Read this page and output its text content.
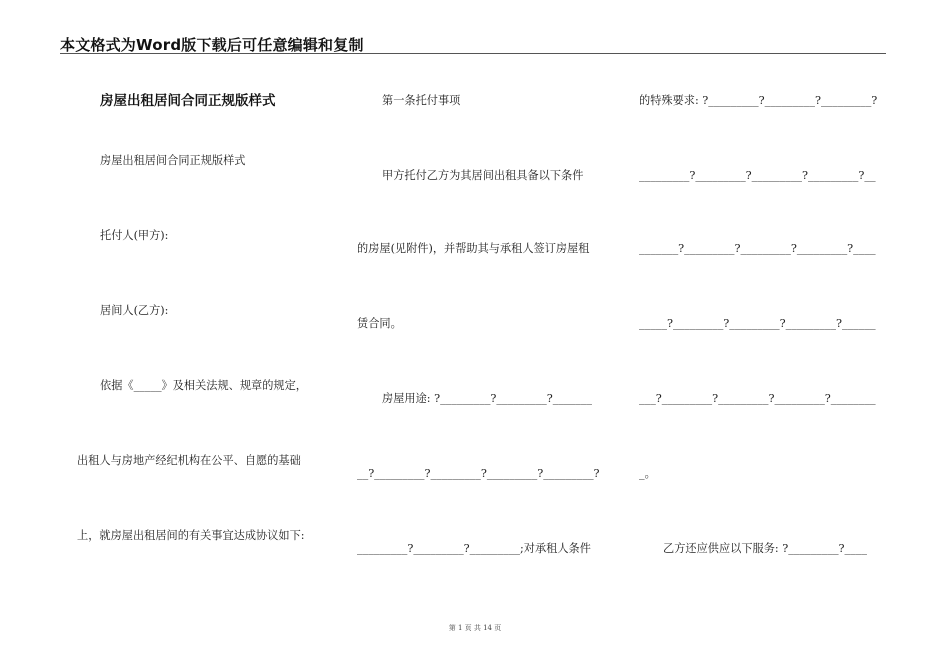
本文格式为Word版下载后可任意编辑和复制
房屋出租居间合同正规版样式
房屋出租居间合同正规版样式
托付人(甲方):
居间人(乙方):
依据《_____》及相关法规、规章的规定，
出租人与房地产经纪机构在公平、自愿的基础
上，就房屋出租居间的有关事宜达成协议如下:
第一条托付事项
甲方托付乙方为其居间出租具备以下条件
的房屋(见附件)，并帮助其与承租人签订房屋租
赁合同。
房屋用途: ?_________?_________?_______
__?_________?_________?_________?_________?
_________?_________?_________;对承租人条件
的特殊要求: ?_________?_________?_________?
_________?_________?_________?_________?__
_______?_________?_________?_________?____
_____?_________?_________?_________?______
___?_________?_________?_________?________
_。
乙方还应供应以下服务: ?_________?____
第 1 页 共 14 页
